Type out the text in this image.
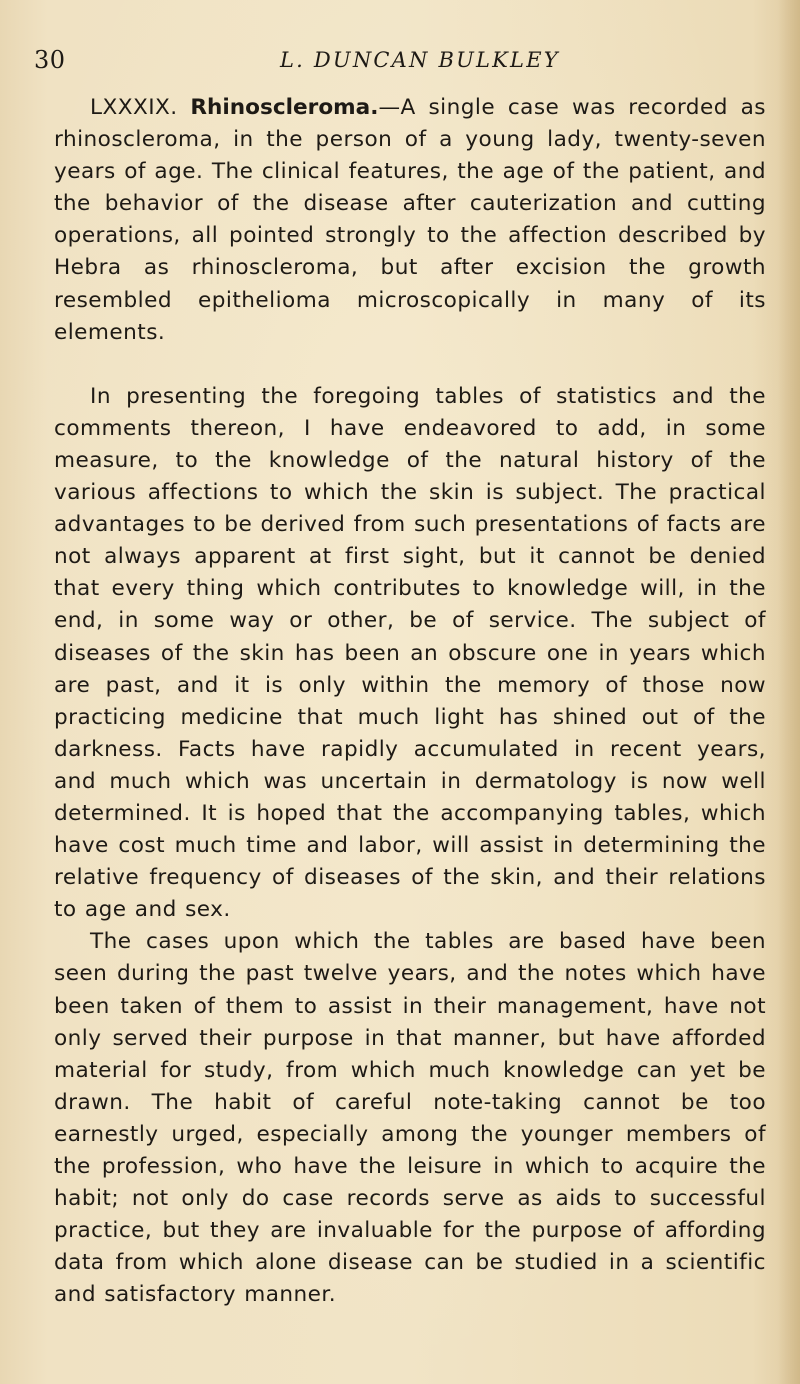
30	L. DUNCAN BULKLEY

LXXXIX. Rhinoscleroma.—A single case was recorded as rhinoscleroma, in the person of a young lady, twenty-seven years of age. The clinical features, the age of the patient, and the behavior of the disease after cauterization and cutting operations, all pointed strongly to the affection described by Hebra as rhinoscleroma, but after excision the growth resembled epithelioma microscopically in many of its elements.

In presenting the foregoing tables of statistics and the comments thereon, I have endeavored to add, in some measure, to the knowledge of the natural history of the various affections to which the skin is subject. The practical advantages to be derived from such presentations of facts are not always apparent at first sight, but it cannot be denied that every thing which contributes to knowledge will, in the end, in some way or other, be of service. The subject of diseases of the skin has been an obscure one in years which are past, and it is only within the memory of those now practicing medicine that much light has shined out of the darkness. Facts have rapidly accumulated in recent years, and much which was uncertain in dermatology is now well determined. It is hoped that the accompanying tables, which have cost much time and labor, will assist in determining the relative frequency of diseases of the skin, and their relations to age and sex.

The cases upon which the tables are based have been seen during the past twelve years, and the notes which have been taken of them to assist in their management, have not only served their purpose in that manner, but have afforded material for study, from which much knowledge can yet be drawn. The habit of careful note-taking cannot be too earnestly urged, especially among the younger members of the profession, who have the leisure in which to acquire the habit; not only do case records serve as aids to successful practice, but they are invaluable for the purpose of affording data from which alone disease can be studied in a scientific and satisfactory manner.
